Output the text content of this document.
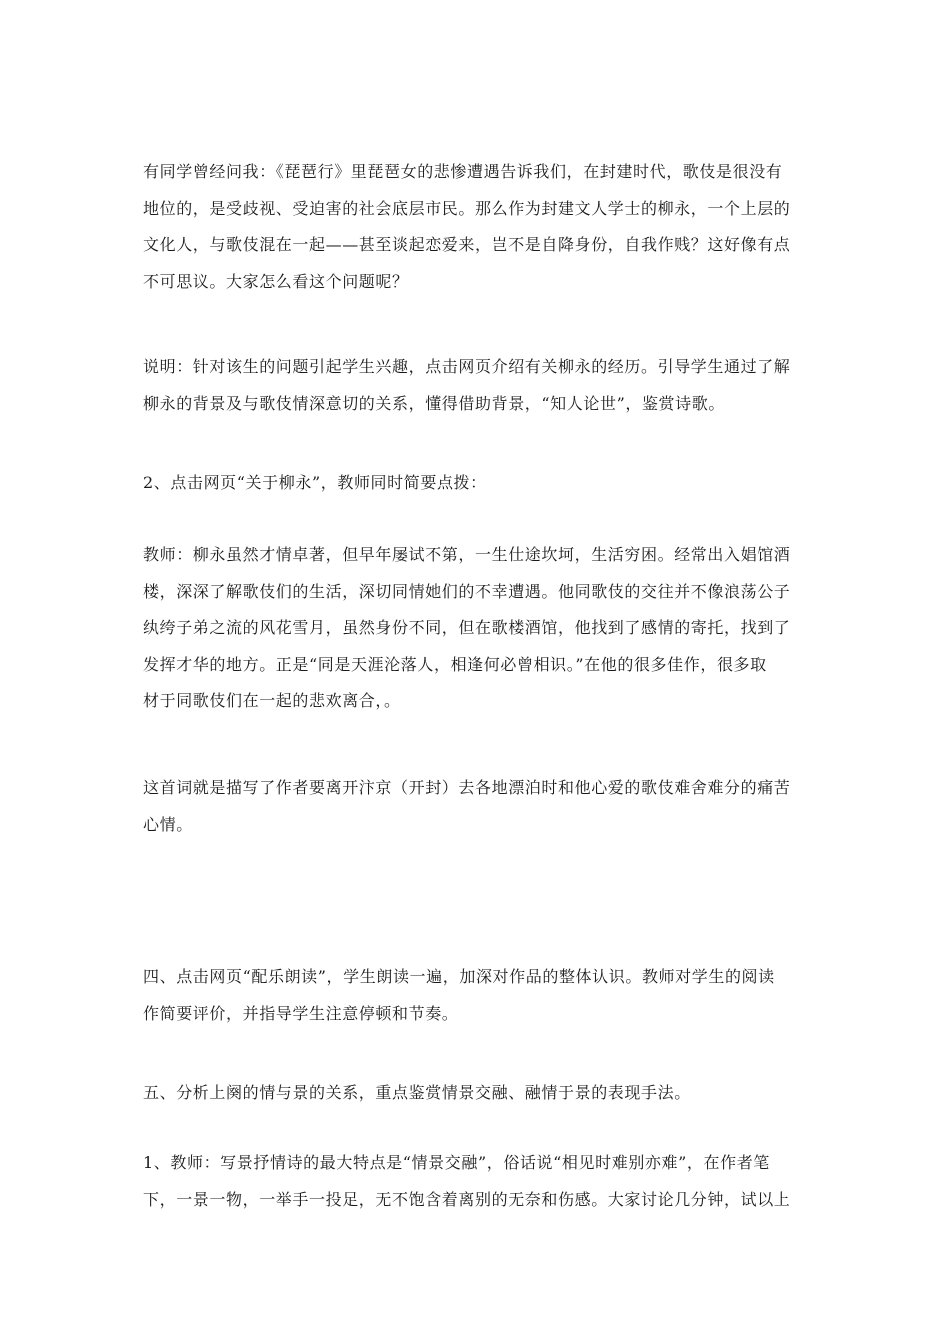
有同学曾经问我：《琵琶行》里琵琶女的悲惨遭遇告诉我们，在封建时代，歌伎是很没有
地位的，是受歧视、受迫害的社会底层市民。那么作为封建文人学士的柳永，一个上层的
文化人，与歌伎混在一起——甚至谈起恋爱来，岂不是自降身份，自我作贱？这好像有点
不可思议。大家怎么看这个问题呢？
说明：针对该生的问题引起学生兴趣，点击网页介绍有关柳永的经历。引导学生通过了解
柳永的背景及与歌伎情深意切的关系，懂得借助背景，“知人论世”，鉴赏诗歌。
2、点击网页“关于柳永”，教师同时简要点拨：
教师：柳永虽然才情卓著，但早年屡试不第，一生仕途坎坷，生活穷困。经常出入娼馆酒
楼，深深了解歌伎们的生活，深切同情她们的不幸遭遇。他同歌伎的交往并不像浪荡公子
纨绔子弟之流的风花雪月，虽然身份不同，但在歌楼酒馆，他找到了感情的寄托，找到了
发挥才华的地方。正是“同是天涯沦落人，相逢何必曾相识。”在他的很多佳作，很多取
材于同歌伎们在一起的悲欢离合，。
这首词就是描写了作者要离开汴京（开封）去各地漂泊时和他心爱的歌伎难舍难分的痛苦
心情。
四、点击网页“配乐朗读”，学生朗读一遍，加深对作品的整体认识。教师对学生的阅读
作简要评价，并指导学生注意停顿和节奏。
五、分析上阕的情与景的关系，重点鉴赏情景交融、融情于景的表现手法。
1、教师：写景抒情诗的最大特点是“情景交融”，俗话说“相见时难别亦难”，在作者笔
下，一景一物，一举手一投足，无不饱含着离别的无奈和伤感。大家讨论几分钟，试以上
